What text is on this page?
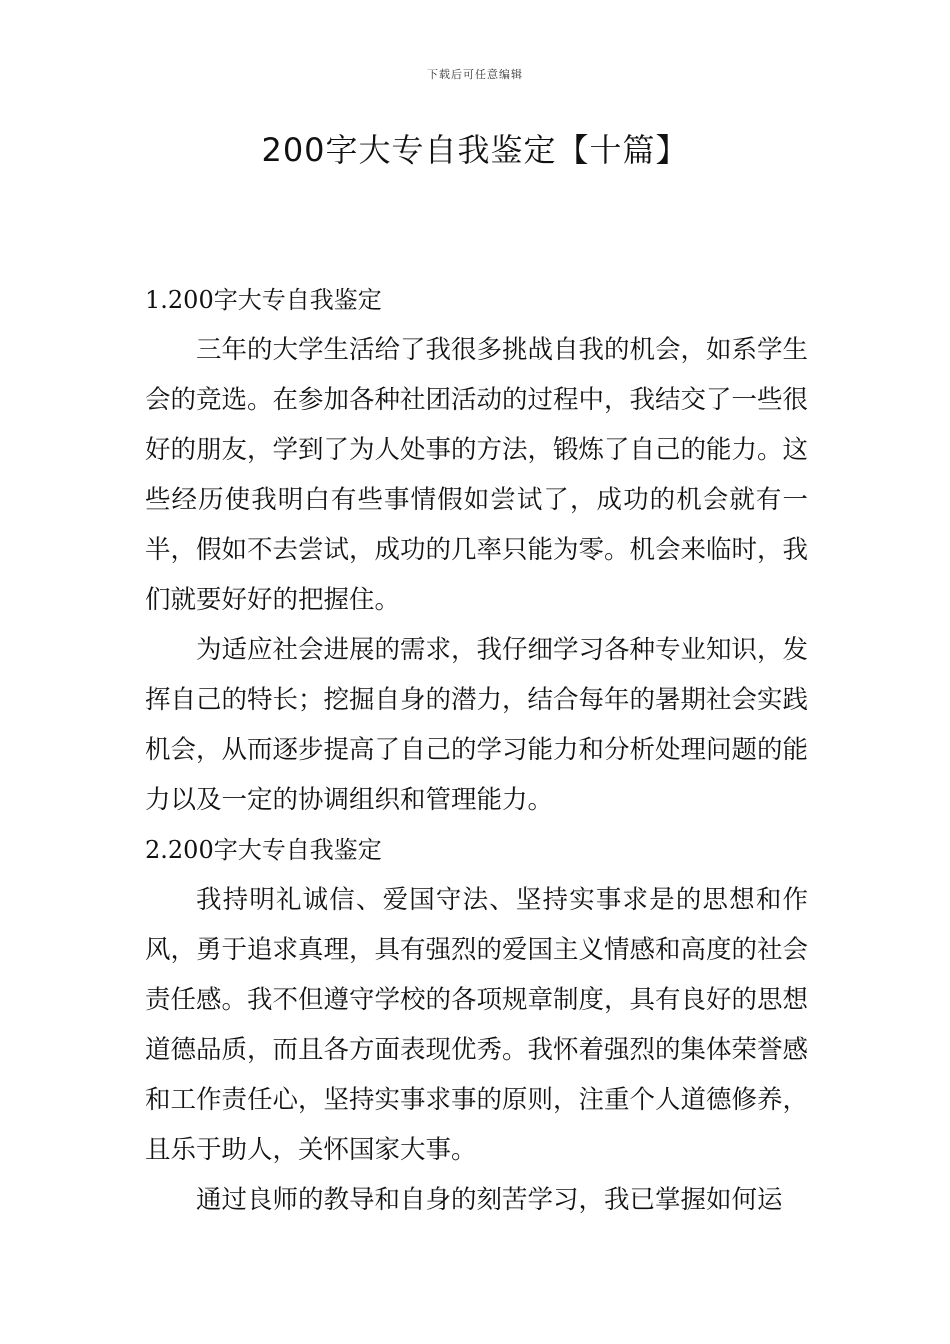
下载后可任意编辑
200字大专自我鉴定【十篇】
1.200字大专自我鉴定

三年的大学生活给了我很多挑战自我的机会，如系学生会的竞选。在参加各种社团活动的过程中，我结交了一些很好的朋友，学到了为人处事的方法，锻炼了自己的能力。这些经历使我明白有些事情假如尝试了，成功的机会就有一半，假如不去尝试，成功的几率只能为零。机会来临时，我们就要好好的把握住。

为适应社会进展的需求，我仔细学习各种专业知识，发挥自己的特长；挖掘自身的潜力，结合每年的暑期社会实践机会，从而逐步提高了自己的学习能力和分析处理问题的能力以及一定的协调组织和管理能力。

2.200字大专自我鉴定

我持明礼诚信、爱国守法、坚持实事求是的思想和作风，勇于追求真理，具有强烈的爱国主义情感和高度的社会责任感。我不但遵守学校的各项规章制度，具有良好的思想道德品质，而且各方面表现优秀。我怀着强烈的集体荣誉感和工作责任心，坚持实事求事的原则，注重个人道德修养，且乐于助人，关怀国家大事。

通过良师的教导和自身的刻苦学习，我已掌握如何运
